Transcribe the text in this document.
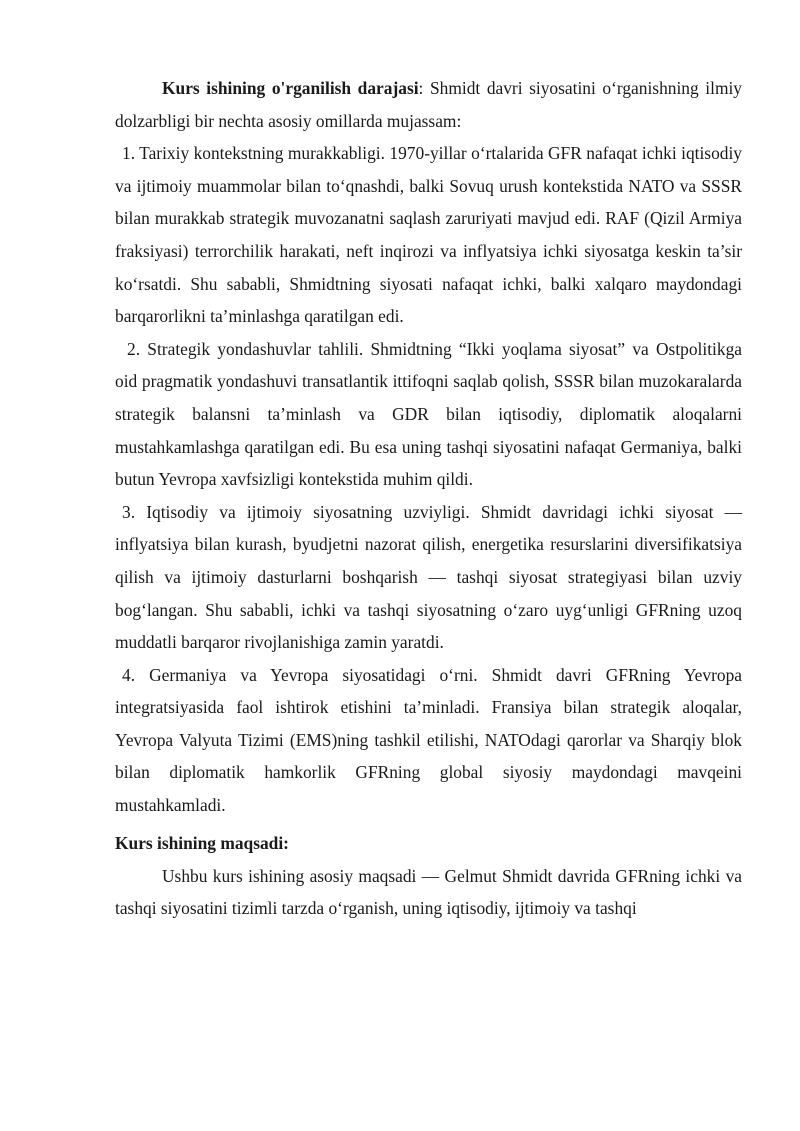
Kurs ishining o'rganilish darajasi: Shmidt davri siyosatini o‘rganishning ilmiy dolzarbligi bir nechta asosiy omillarda mujassam:

1. Tarixiy kontekstning murakkabligi. 1970-yillar o‘rtalarida GFR nafaqat ichki iqtisodiy va ijtimoiy muammolar bilan to‘qnashdi, balki Sovuq urush kontekstida NATO va SSSR bilan murakkab strategik muvozanatni saqlash zaruriyati mavjud edi. RAF (Qizil Armiya fraksiyasi) terrorchilik harakati, neft inqirozi va inflyatsiya ichki siyosatga keskin ta’sir ko‘rsatdi. Shu sababli, Shmidtning siyosati nafaqat ichki, balki xalqaro maydondagi barqarorlikni ta’minlashga qaratilgan edi.

2. Strategik yondashuvlar tahlili. Shmidtning “Ikki yoqlama siyosat” va Ostpolitikga oid pragmatik yondashuvi transatlantik ittifoqni saqlab qolish, SSSR bilan muzokaralarda strategik balansni ta’minlash va GDR bilan iqtisodiy, diplomatik aloqalarni mustahkamlashga qaratilgan edi. Bu esa uning tashqi siyosatini nafaqat Germaniya, balki butun Yevropa xavfsizligi kontekstida muhim qildi.

3. Iqtisodiy va ijtimoiy siyosatning uzviyligi. Shmidt davridagi ichki siyosat — inflyatsiya bilan kurash, byudjetni nazorat qilish, energetika resurslarini diversifikatsiya qilish va ijtimoiy dasturlarni boshqarish — tashqi siyosat strategiyasi bilan uzviy bog‘langan. Shu sababli, ichki va tashqi siyosatning o‘zaro uyg‘unligi GFRning uzoq muddatli barqaror rivojlanishiga zamin yaratdi.

4. Germaniya va Yevropa siyosatidagi o‘rni. Shmidt davri GFRning Yevropa integratsiyasida faol ishtirok etishini ta’minladi. Fransiya bilan strategik aloqalar, Yevropa Valyuta Tizimi (EMS)ning tashkil etilishi, NATOdagi qarorlar va Sharqiy blok bilan diplomatik hamkorlik GFRning global siyosiy maydondagi mavqeini mustahkamladi.

Kurs ishining maqsadi:

Ushbu kurs ishining asosiy maqsadi — Gelmut Shmidt davrida GFRning ichki va tashqi siyosatini tizimli tarzda o‘rganish, uning iqtisodiy, ijtimoiy va tashqi
